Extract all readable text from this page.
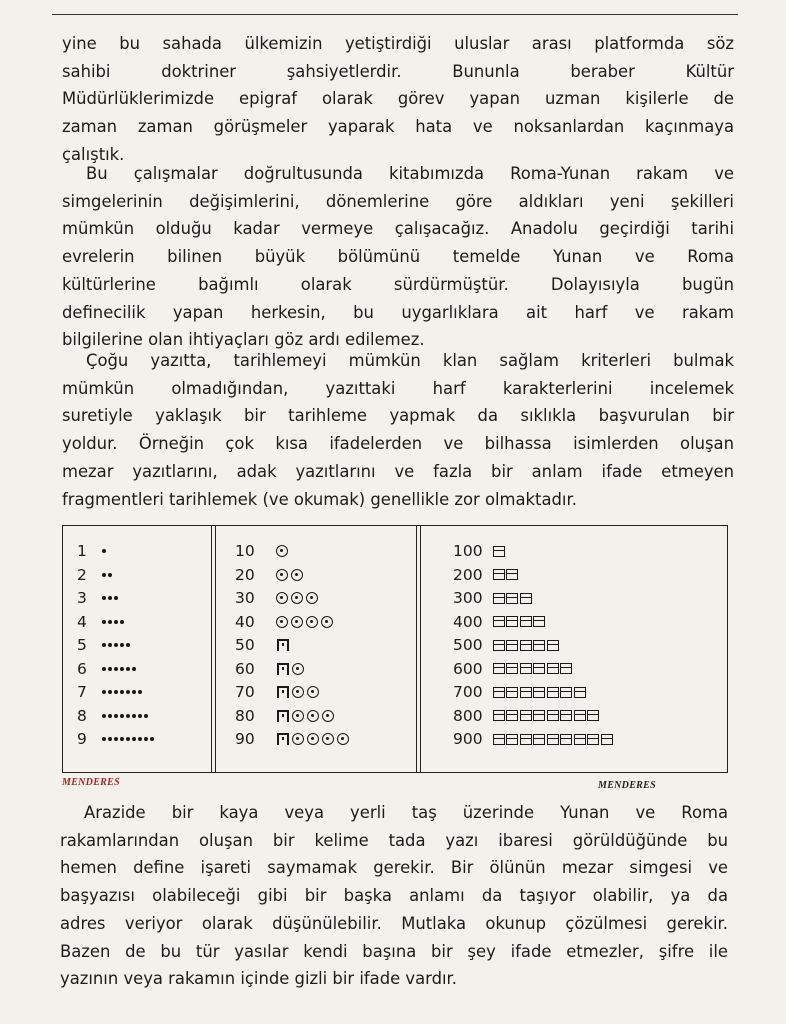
yine bu sahada ülkemizin yetiştirdiği uluslar arası platformda söz
sahibi doktriner şahsiyetlerdir. Bununla beraber Kültür
Müdürlüklerimizde epigraf olarak görev yapan uzman kişilerle de
zaman zaman görüşmeler yaparak hata ve noksanlardan kaçınmaya
çalıştık.
Bu çalışmalar doğrultusunda kitabımızda Roma-Yunan rakam ve
simgelerinin değişimlerini, dönemlerine göre aldıkları yeni şekilleri
mümkün olduğu kadar vermeye çalışacağız. Anadolu geçirdiği tarihi
evrelerin bilinen büyük bölümünü temelde Yunan ve Roma
kültürlerine bağımlı olarak sürdürmüştür. Dolayısıyla bugün
definecilik yapan herkesin, bu uygarlıklara ait harf ve rakam
bilgilerine olan ihtiyaçları göz ardı edilemez.
Çoğu yazıtta, tarihlemeyi mümkün klan sağlam kriterleri bulmak
mümkün olmadığından, yazıttaki harf karakterlerini incelemek
suretiyle yaklaşık bir tarihleme yapmak da sıklıkla başvurulan bir
yoldur. Örneğin çok kısa ifadelerden ve bilhassa isimlerden oluşan
mezar yazıtlarını, adak yazıtlarını ve fazla bir anlam ifade etmeyen
fragmentleri tarihlemek (ve okumak) genellikle zor olmaktadır.
1
2
3
4
5
6
7
8
9
10
20
30
40
50
60
70
80
90
100
200
300
400
500
600
700
800
900
MENDERES	MENDERES
Arazide bir kaya veya yerli taş üzerinde Yunan ve Roma
rakamlarından oluşan bir kelime tada yazı ibaresi görüldüğünde bu
hemen define işareti saymamak gerekir. Bir ölünün mezar simgesi ve
başyazısı olabileceği gibi bir başka anlamı da taşıyor olabilir, ya da
adres veriyor olarak düşünülebilir. Mutlaka okunup çözülmesi gerekir.
Bazen de bu tür yasılar kendi başına bir şey ifade etmezler, şifre ile
yazının veya rakamın içinde gizli bir ifade vardır.
